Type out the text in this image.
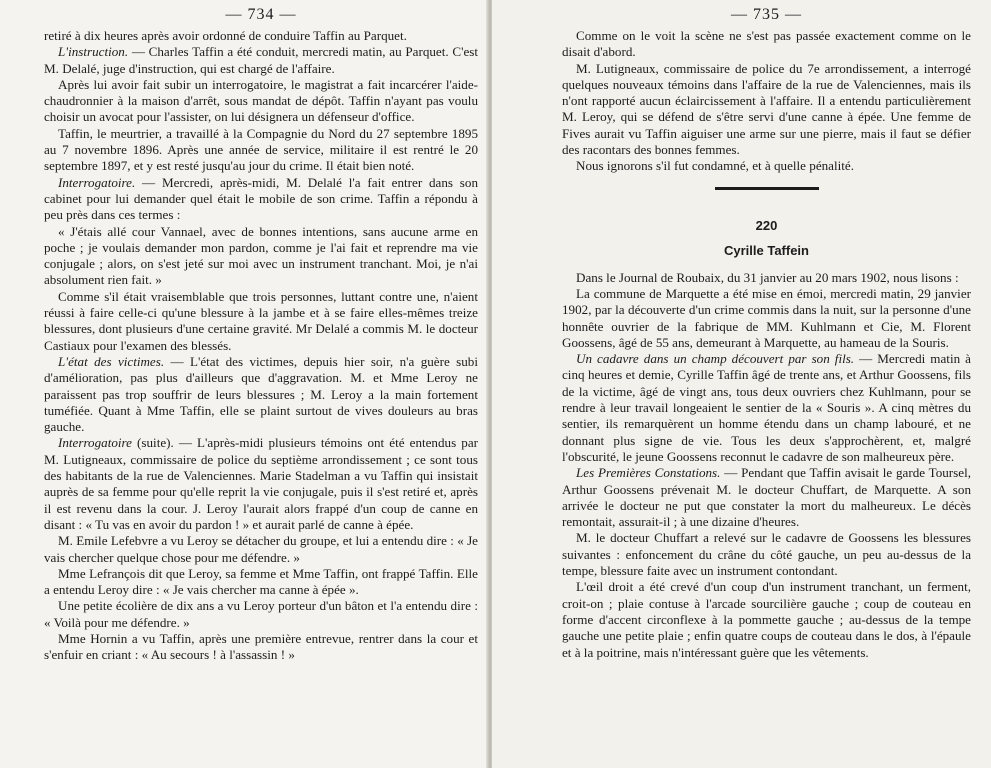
— 734 —

retiré à dix heures après avoir ordonné de conduire Taffin au Parquet.

L'instruction. — Charles Taffin a été conduit, mercredi matin, au Parquet. C'est M. Delalé, juge d'instruction, qui est chargé de l'affaire.

Après lui avoir fait subir un interrogatoire, le magistrat a fait incarcérer l'aide-chaudronnier à la maison d'arrêt, sous mandat de dépôt. Taffin n'ayant pas voulu choisir un avocat pour l'assister, on lui désignera un défenseur d'office.

Taffin, le meurtrier, a travaillé à la Compagnie du Nord du 27 septembre 1895 au 7 novembre 1896. Après une année de service, militaire il est rentré le 20 septembre 1897, et y est resté jusqu'au jour du crime. Il était bien noté.

Interrogatoire. — Mercredi, après-midi, M. Delalé l'a fait entrer dans son cabinet pour lui demander quel était le mobile de son crime. Taffin a répondu à peu près dans ces termes :

« J'étais allé cour Vannael, avec de bonnes intentions, sans aucune arme en poche ; je voulais demander mon pardon, comme je l'ai fait et reprendre ma vie conjugale ; alors, on s'est jeté sur moi avec un instrument tranchant. Moi, je n'ai absolument rien fait. »

Comme s'il était vraisemblable que trois personnes, luttant contre une, n'aient réussi à faire celle-ci qu'une blessure à la jambe et à se faire elles-mêmes treize blessures, dont plusieurs d'une certaine gravité. Mr Delalé a commis M. le docteur Castiaux pour l'examen des blessés.

L'état des victimes. — L'état des victimes, depuis hier soir, n'a guère subi d'amélioration, pas plus d'ailleurs que d'aggravation. M. et Mme Leroy ne paraissent pas trop souffrir de leurs blessures ; M. Leroy a la main fortement tuméfiée. Quant à Mme Taffin, elle se plaint surtout de vives douleurs au bras gauche.

Interrogatoire (suite). — L'après-midi plusieurs témoins ont été entendus par M. Lutigneaux, commissaire de police du septième arrondissement ; ce sont tous des habitants de la rue de Valenciennes. Marie Stadelman a vu Taffin qui insistait auprès de sa femme pour qu'elle reprit la vie conjugale, puis il s'est retiré et, après il est revenu dans la cour. J. Leroy l'aurait alors frappé d'un coup de canne en disant : « Tu vas en avoir du pardon ! » et aurait parlé de canne à épée.

M. Emile Lefebvre a vu Leroy se détacher du groupe, et lui a entendu dire : « Je vais chercher quelque chose pour me défendre. »

Mme Lefrançois dit que Leroy, sa femme et Mme Taffin, ont frappé Taffin. Elle a entendu Leroy dire : « Je vais chercher ma canne à épée ».

Une petite écolière de dix ans a vu Leroy porteur d'un bâton et l'a entendu dire : « Voilà pour me défendre. »

Mme Hornin a vu Taffin, après une première entrevue, rentrer dans la cour et s'enfuir en criant : « Au secours ! à l'assassin ! »

— 735 —

Comme on le voit la scène ne s'est pas passée exactement comme on le disait d'abord.

M. Lutigneaux, commissaire de police du 7e arrondissement, a interrogé quelques nouveaux témoins dans l'affaire de la rue de Valenciennes, mais ils n'ont rapporté aucun éclaircissement à l'affaire. Il a entendu particulièrement M. Leroy, qui se défend de s'être servi d'une canne à épée. Une femme de Fives aurait vu Taffin aiguiser une arme sur une pierre, mais il faut se défier des racontars des bonnes femmes.

Nous ignorons s'il fut condamné, et à quelle pénalité.

220
Cyrille Taffein

Dans le Journal de Roubaix, du 31 janvier au 20 mars 1902, nous lisons :

La commune de Marquette a été mise en émoi, mercredi matin, 29 janvier 1902, par la découverte d'un crime commis dans la nuit, sur la personne d'une honnête ouvrier de la fabrique de MM. Kuhlmann et Cie, M. Florent Goossens, âgé de 55 ans, demeurant à Marquette, au hameau de la Souris.

Un cadavre dans un champ découvert par son fils. — Mercredi matin à cinq heures et demie, Cyrille Taffin âgé de trente ans, et Arthur Goossens, fils de la victime, âgé de vingt ans, tous deux ouvriers chez Kuhlmann, pour se rendre à leur travail longeaient le sentier de la « Souris ». A cinq mètres du sentier, ils remarquèrent un homme étendu dans un champ labouré, et ne donnant plus signe de vie. Tous les deux s'approchèrent, et, malgré l'obscurité, le jeune Goossens reconnut le cadavre de son malheureux père.

Les Premières Constations. — Pendant que Taffin avisait le garde Toursel, Arthur Goossens prévenait M. le docteur Chuffart, de Marquette. A son arrivée le docteur ne put que constater la mort du malheureux. Le décès remontait, assurait-il ; à une dizaine d'heures.

M. le docteur Chuffart a relevé sur le cadavre de Goossens les blessures suivantes : enfoncement du crâne du côté gauche, un peu au-dessus de la tempe, blessure faite avec un instrument contondant.

L'œil droit a été crevé d'un coup d'un instrument tranchant, un ferment, croit-on ; plaie contuse à l'arcade sourcilière gauche ; coup de couteau en forme d'accent circonflexe à la pommette gauche ; au-dessus de la tempe gauche une petite plaie ; enfin quatre coups de couteau dans le dos, à l'épaule et à la poitrine, mais n'intéressant guère que les vêtements.
